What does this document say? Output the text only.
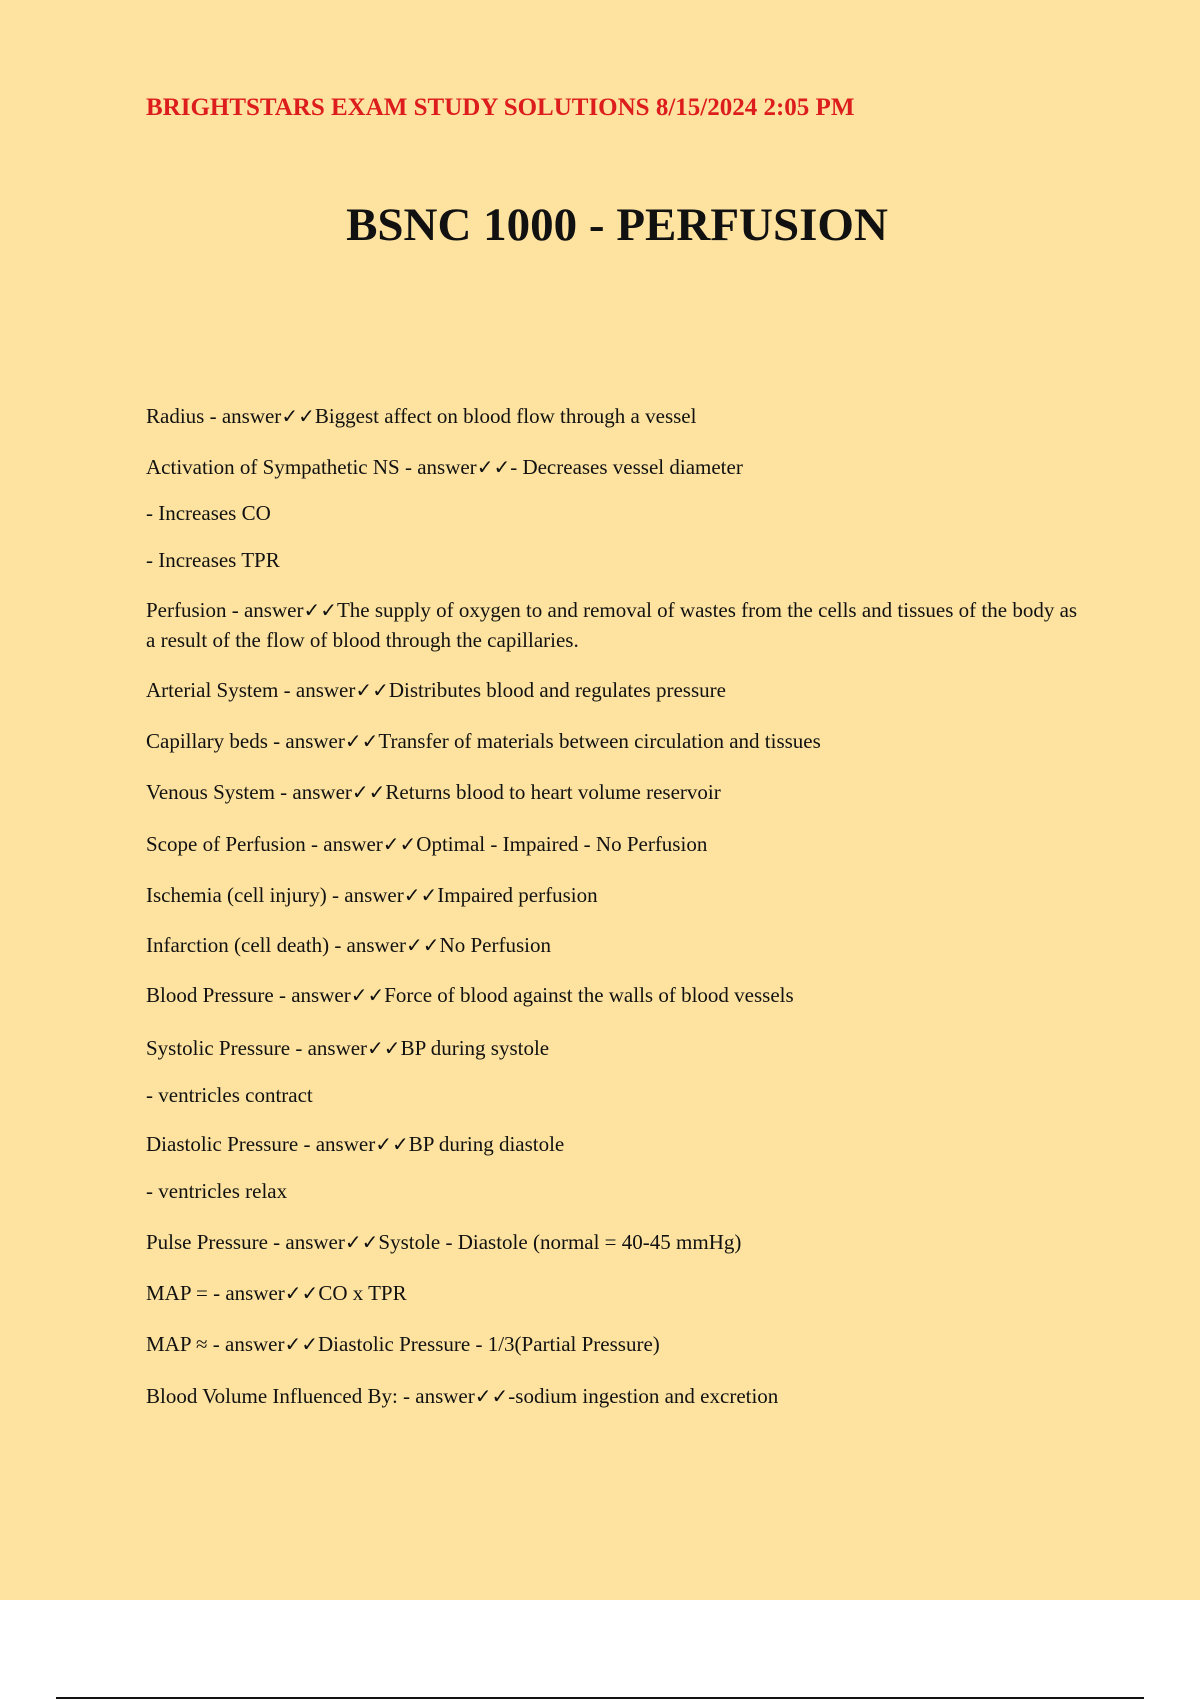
BRIGHTSTARS EXAM STUDY SOLUTIONS 8/15/2024 2:05 PM
BSNC 1000 - PERFUSION
Radius - answer✓✓Biggest affect on blood flow through a vessel
Activation of Sympathetic NS - answer✓✓- Decreases vessel diameter
- Increases CO
- Increases TPR
Perfusion - answer✓✓The supply of oxygen to and removal of wastes from the cells and tissues of the body as a result of the flow of blood through the capillaries.
Arterial System - answer✓✓Distributes blood and regulates pressure
Capillary beds - answer✓✓Transfer of materials between circulation and tissues
Venous System - answer✓✓Returns blood to heart volume reservoir
Scope of Perfusion - answer✓✓Optimal - Impaired - No Perfusion
Ischemia (cell injury) - answer✓✓Impaired perfusion
Infarction (cell death) - answer✓✓No Perfusion
Blood Pressure - answer✓✓Force of blood against the walls of blood vessels
Systolic Pressure - answer✓✓BP during systole
- ventricles contract
Diastolic Pressure - answer✓✓BP during diastole
- ventricles relax
Pulse Pressure - answer✓✓Systole - Diastole (normal = 40-45 mmHg)
MAP = - answer✓✓CO x TPR
MAP ≈ - answer✓✓Diastolic Pressure - 1/3(Partial Pressure)
Blood Volume Influenced By: - answer✓✓-sodium ingestion and excretion
